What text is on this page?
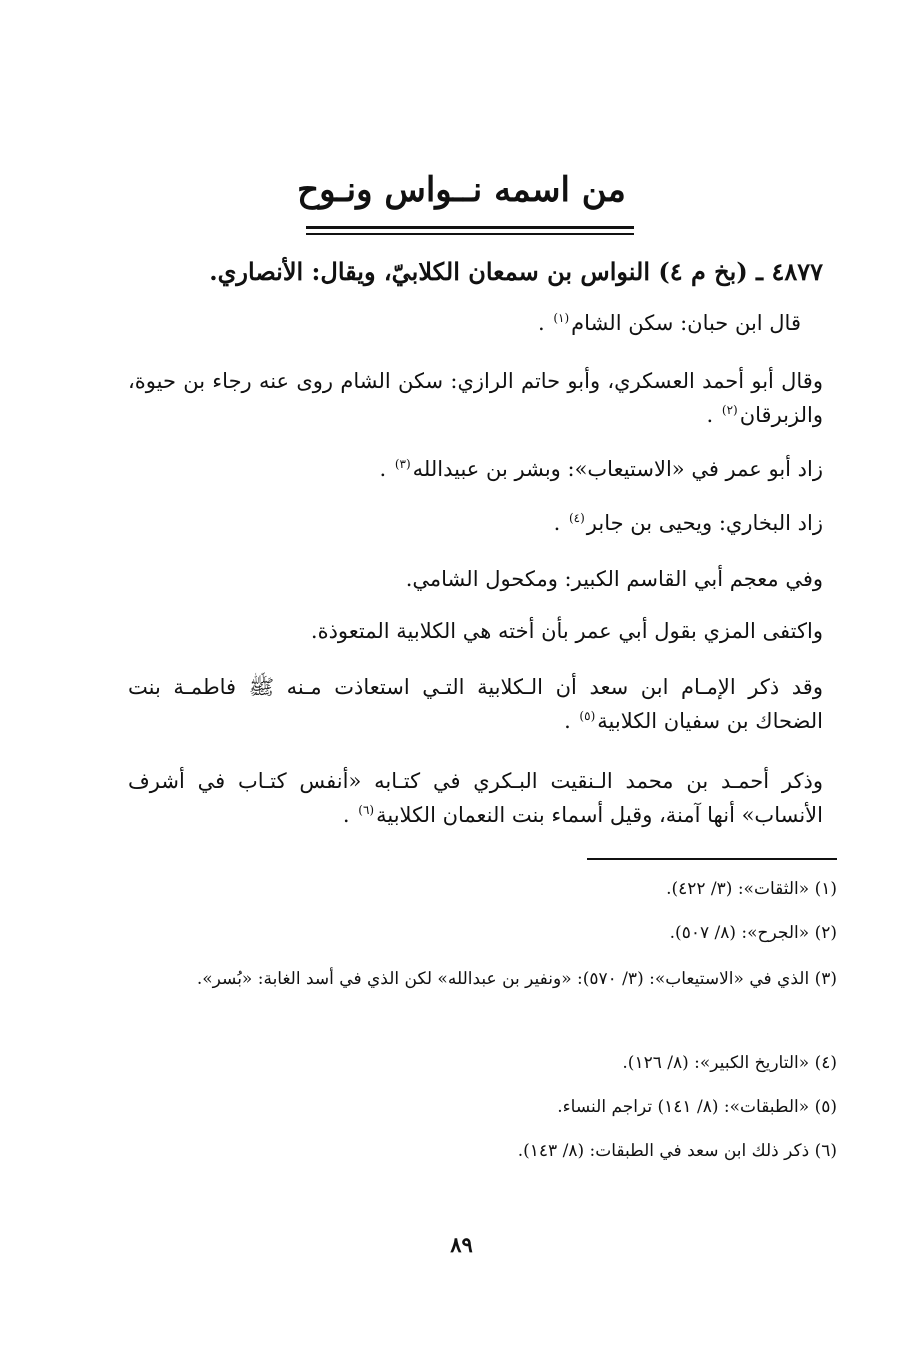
من اسمه نــواس ونـوح
٤٨٧٧ ـ (بخ م ٤) النواس بن سمعان الكلابيّ، ويقال: الأنصاري.
قال ابن حبان: سكن الشام$^{(١)}$ .
وقال أبو أحمد العسكري، وأبو حاتم الرازي: سكن الشام روى عنه رجاء بن حيوة، والزبرقان$^{(٢)}$ .
زاد أبو عمر في «الاستيعاب»: وبشر بن عبيدالله$^{(٣)}$ .
زاد البخاري: ويحيى بن جابر$^{(٤)}$ .
وفي معجم أبي القاسم الكبير: ومكحول الشامي.
واكتفى المزي بقول أبي عمر بأن أخته هي الكلابية المتعوذة.
وقد ذكر الإمـام ابن سعد أن الـكلابية التـي استعاذت مـنه ﷺ فاطمـة بنت الضحاك بن سفيان الكلابية$^{(٥)}$ .
وذكر أحمـد بن محمد الـنقيت البـكري في كتـابه «أنفس كتـاب في أشرف الأنساب» أنها آمنة، وقيل أسماء بنت النعمان الكلابية$^{(٦)}$ .
(١) «الثقات»: (٣/ ٤٢٢).
(٢) «الجرح»: (٨/ ٥٠٧).
(٣) الذي في «الاستيعاب»: (٣/ ٥٧٠): «ونفير بن عبدالله» لكن الذي في أسد الغابة: «بُسر».
(٤) «التاريخ الكبير»: (٨/ ١٢٦).
(٥) «الطبقات»: (٨/ ١٤١) تراجم النساء.
(٦) ذكر ذلك ابن سعد في الطبقات: (٨/ ١٤٣).
٨٩
